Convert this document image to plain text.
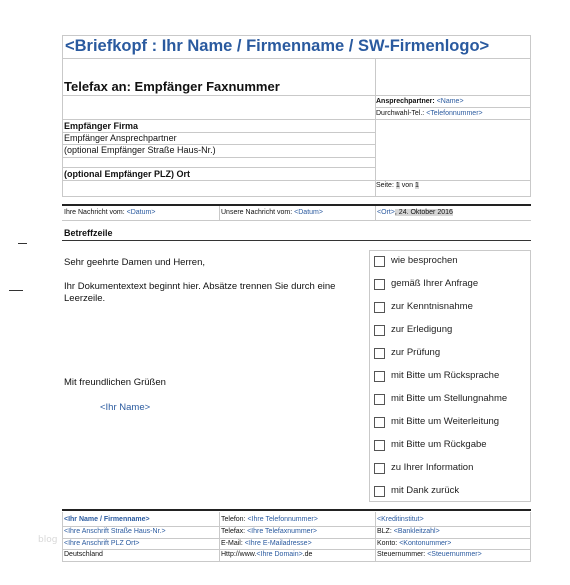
<Briefkopf : Ihr Name / Firmenname / SW-Firmenlogo>
Telefax an: Empfänger Faxnummer
Ansprechpartner: <Name>
Durchwahl-Tel.: <Telefonnummer>
Empfänger Firma
Empfänger Ansprechpartner
(optional Empfänger Straße Haus-Nr.)
(optional Empfänger PLZ) Ort
Seite: 1 von 1
Ihre Nachricht vom: <Datum>	Unsere Nachricht vom: <Datum>	<Ort>, 24. Oktober 2016
Betreffzeile
Sehr geehrte Damen und Herren,
Ihr Dokumentextext beginnt hier. Absätze trennen Sie durch eine
Leerzeile.
Mit freundlichen Grüßen
<Ihr Name>
wie besprochen
gemäß Ihrer Anfrage
zur Kenntnisnahme
zur Erledigung
zur Prüfung
mit Bitte um Rücksprache
mit Bitte um Stellungnahme
mit Bitte um Weiterleitung
mit Bitte um Rückgabe
zu Ihrer Information
mit Dank zurück
<Ihr Name / Firmenname>
<Ihre Anschrift Straße Haus-Nr.>
<Ihre Anschrift PLZ Ort>
Deutschland
Telefon: <Ihre Telefonnummer>
Telefax: <Ihre Telefaxnummer>
E-Mail: <Ihre E-Mailadresse>
Http://www.<Ihre Domain>.de
<Kreditinstitut>
BLZ: <Bankleitzahl>
Konto: <Kontonummer>
Steuernummer: <Steuernummer>
blog
